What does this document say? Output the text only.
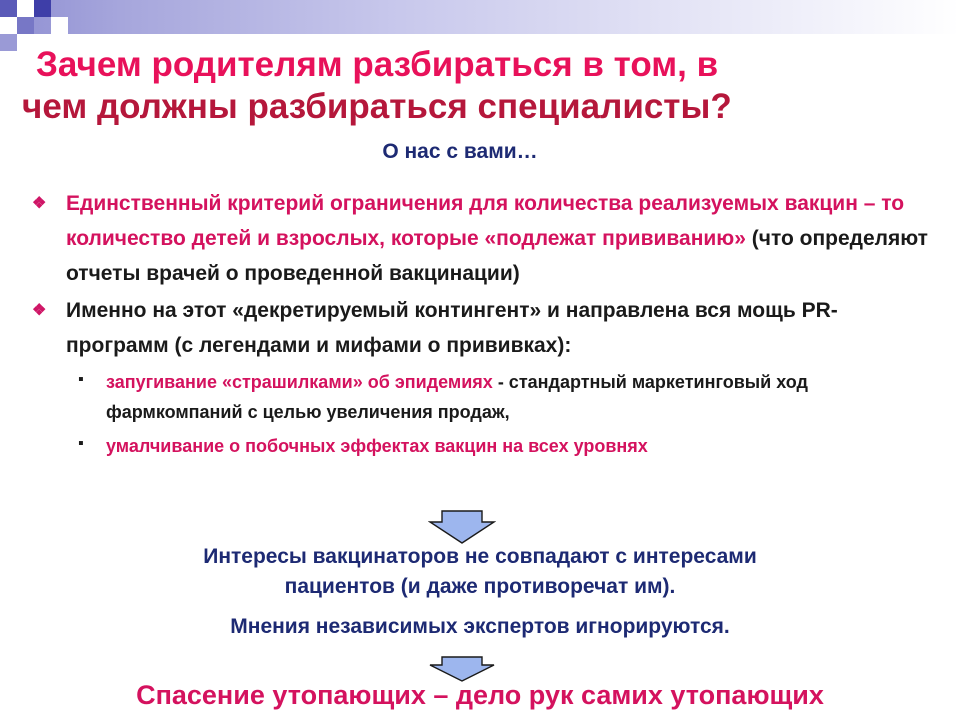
Зачем родителям разбираться в том, в
чем должны разбираться специалисты?
О нас с вами…
❖ Единственный критерий ограничения для количества реализуемых вакцин – то количество детей и взрослых, которые «подлежат прививанию» (что определяют отчеты врачей о проведенной вакцинации)
❖ Именно на этот «декретируемый контингент» и направлена вся мощь PR-программ (с легендами и мифами о прививках):
▪ запугивание «страшилками» об эпидемиях - стандартный маркетинговый ход фармкомпаний с целью увеличения продаж,
▪ умалчивание о побочных эффектах вакцин на всех уровнях
Интересы вакцинаторов не совпадают с интересами
пациентов (и даже противоречат им).
Мнения независимых экспертов игнорируются.
Спасение утопающих – дело рук самих утопающих
